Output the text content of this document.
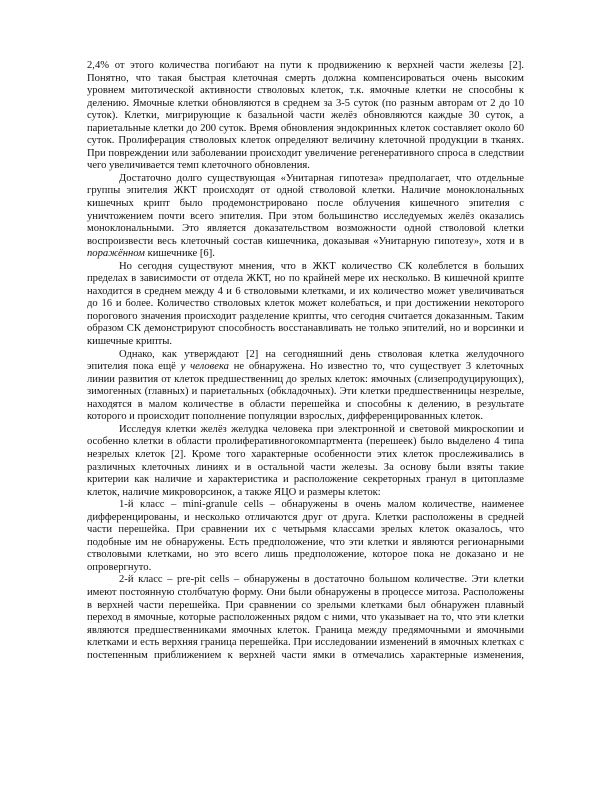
2,4% от этого количества погибают на пути к продвижению к верхней части железы [2]. Понятно, что такая быстрая клеточная смерть должна компенсироваться очень высоким уровнем митотической активности стволовых клеток, т.к. ямочные клетки не способны к делению. Ямочные клетки обновляются в среднем за 3-5 суток (по разным авторам от 2 до 10 суток). Клетки, мигрирующие к базальной части желёз обновляются каждые 30 суток, а париетальные клетки до 200 суток. Время обновления эндокринных клеток составляет около 60 суток. Пролиферация стволовых клеток определяют величину клеточной продукции в тканях. При повреждении или заболевании происходит увеличение регенеративного спроса в следствии чего увеличивается темп клеточного обновления.

Достаточно долго существующая «Унитарная гипотеза» предполагает, что отдельные группы эпителия ЖКТ происходят от одной стволовой клетки. Наличие моноклональных кишечных крипт было продемонстрировано после облучения кишечного эпителия с уничтожением почти всего эпителия. При этом большинство исследуемых желёз оказались моноклональными. Это является доказательством возможности одной стволовой клетки воспроизвести весь клеточный состав кишечника, доказывая «Унитарную гипотезу», хотя и в поражённом кишечнике [6].

Но сегодня существуют мнения, что в ЖКТ количество СК колеблется в больших пределах в зависимости от отдела ЖКТ, но по крайней мере их несколько. В кишечной крипте находится в среднем между 4 и 6 стволовыми клетками, и их количество может увеличиваться до 16 и более. Количество стволовых клеток может колебаться, и при достижении некоторого порогового значения происходит разделение крипты, что сегодня считается доказанным. Таким образом СК демонстрируют способность восстанавливать не только эпителий, но и ворсинки и кишечные крипты.

Однако, как утверждают [2] на сегодняшний день стволовая клетка желудочного эпителия пока ещё у человека не обнаружена. Но известно то, что существует 3 клеточных линии развития от клеток предшественниц до зрелых клеток: ямочных (слизепродуцирующих), зимогенных (главных) и париетальных (обкладочных). Эти клетки предшественницы незрелые, находятся в малом количестве в области перешейка и способны к делению, в результате которого и происходит пополнение популяции взрослых, дифференцированных клеток.

Исследуя клетки желёз желудка человека при электронной и световой микроскопии и особенно клетки в области пролиферативногокомпартмента (перешеек) было выделено 4 типа незрелых клеток [2]. Кроме того характерные особенности этих клеток прослеживались в различных клеточных линиях и в остальной части железы. За основу были взяты такие критерии как наличие и характеристика и расположение секреторных гранул в цитоплазме клеток, наличие микроворсинок, а также ЯЦО и размеры клеток:

1-й класс – mini-granule cells – обнаружены в очень малом количестве, наименее дифференцированы, и несколько отличаются друг от друга. Клетки расположены в средней части перешейка. При сравнении их с четырьмя классами зрелых клеток оказалось, что подобные им не обнаружены. Есть предположение, что эти клетки и являются регионарными стволовыми клетками, но это всего лишь предположение, которое пока не доказано и не опровергнуто.

2-й класс – pre-pit cells – обнаружены в достаточно большом количестве. Эти клетки имеют постоянную столбчатую форму. Они были обнаружены в процессе митоза. Расположены в верхней части перешейка. При сравнении со зрелыми клетками был обнаружен плавный переход в ямочные, которые расположенных рядом с ними, что указывает на то, что эти клетки являются предшественниками ямочных клеток. Граница между предямочными и ямочными клетками и есть верхняя граница перешейка. При исследовании изменений в ямочных клетках с постепенным приближением к верхней части ямки в отмечались характерные изменения,
